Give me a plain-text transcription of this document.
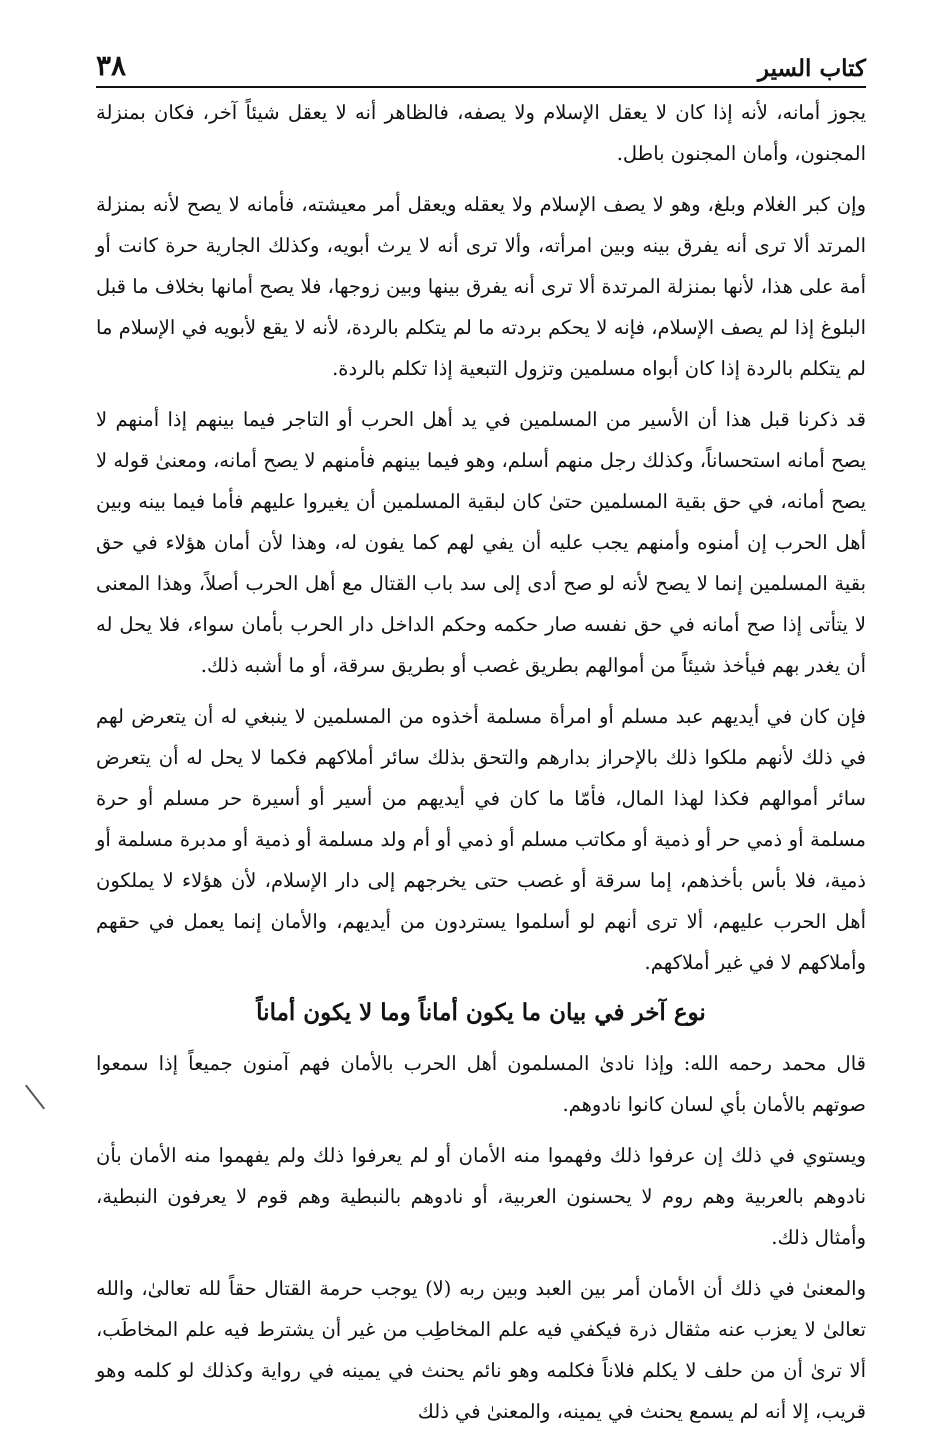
كتاب السير
٣٨

يجوز أمانه، لأنه إذا كان لا يعقل الإسلام ولا يصفه، فالظاهر أنه لا يعقل شيئاً آخر، فكان بمنزلة المجنون، وأمان المجنون باطل.

وإن كبر الغلام وبلغ، وهو لا يصف الإسلام ولا يعقله ويعقل أمر معيشته، فأمانه لا يصح لأنه بمنزلة المرتد ألا ترى أنه يفرق بينه وبين امرأته، وألا ترى أنه لا يرث أبويه، وكذلك الجارية حرة كانت أو أمة على هذا، لأنها بمنزلة المرتدة ألا ترى أنه يفرق بينها وبين زوجها، فلا يصح أمانها بخلاف ما قبل البلوغ إذا لم يصف الإسلام، فإنه لا يحكم بردته ما لم يتكلم بالردة، لأنه لا يقع لأبويه في الإسلام ما لم يتكلم بالردة إذا كان أبواه مسلمين وتزول التبعية إذا تكلم بالردة.

قد ذكرنا قبل هذا أن الأسير من المسلمين في يد أهل الحرب أو التاجر فيما بينهم إذا أمنهم لا يصح أمانه استحساناً، وكذلك رجل منهم أسلم، وهو فيما بينهم فأمنهم لا يصح أمانه، ومعنىٰ قوله لا يصح أمانه، في حق بقية المسلمين حتىٰ كان لبقية المسلمين أن يغيروا عليهم فأما فيما بينه وبين أهل الحرب إن أمنوه وأمنهم يجب عليه أن يفي لهم كما يفون له، وهذا لأن أمان هؤلاء في حق بقية المسلمين إنما لا يصح لأنه لو صح أدى إلى سد باب القتال مع أهل الحرب أصلاً، وهذا المعنى لا يتأتى إذا صح أمانه في حق نفسه صار حكمه وحكم الداخل دار الحرب بأمان سواء، فلا يحل له أن يغدر بهم فيأخذ شيئاً من أموالهم بطريق غصب أو بطريق سرقة، أو ما أشبه ذلك.

فإن كان في أيديهم عبد مسلم أو امرأة مسلمة أخذوه من المسلمين لا ينبغي له أن يتعرض لهم في ذلك لأنهم ملكوا ذلك بالإحراز بدارهم والتحق بذلك سائر أملاكهم فكما لا يحل له أن يتعرض سائر أموالهم فكذا لهذا المال، فأمّا ما كان في أيديهم من أسير أو أسيرة حر مسلم أو حرة مسلمة أو ذمي حر أو ذمية أو مكاتب مسلم أو ذمي أو أم ولد مسلمة أو ذمية أو مدبرة مسلمة أو ذمية، فلا بأس بأخذهم، إما سرقة أو غصب حتى يخرجهم إلى دار الإسلام، لأن هؤلاء لا يملكون أهل الحرب عليهم، ألا ترى أنهم لو أسلموا يستردون من أيديهم، والأمان إنما يعمل في حقهم وأملاكهم لا في غير أملاكهم.

نوع آخر في بيان ما يكون أماناً وما لا يكون أماناً

قال محمد رحمه الله: وإذا نادىٰ المسلمون أهل الحرب بالأمان فهم آمنون جميعاً إذا سمعوا صوتهم بالأمان بأي لسان كانوا نادوهم.

ويستوي في ذلك إن عرفوا ذلك وفهموا منه الأمان أو لم يعرفوا ذلك ولم يفهموا منه الأمان بأن نادوهم بالعربية وهم روم لا يحسنون العربية، أو نادوهم بالنبطية وهم قوم لا يعرفون النبطية، وأمثال ذلك.

والمعنىٰ في ذلك أن الأمان أمر بين العبد وبين ربه (لا) يوجب حرمة القتال حقاً لله تعالىٰ، والله تعالىٰ لا يعزب عنه مثقال ذرة فيكفي فيه علم المخاطِب من غير أن يشترط فيه علم المخاطَب، ألا ترىٰ أن من حلف لا يكلم فلاناً فكلمه وهو نائم يحنث في يمينه في رواية وكذلك لو كلمه وهو قريب، إلا أنه لم يسمع يحنث في يمينه، والمعنىٰ في ذلك
